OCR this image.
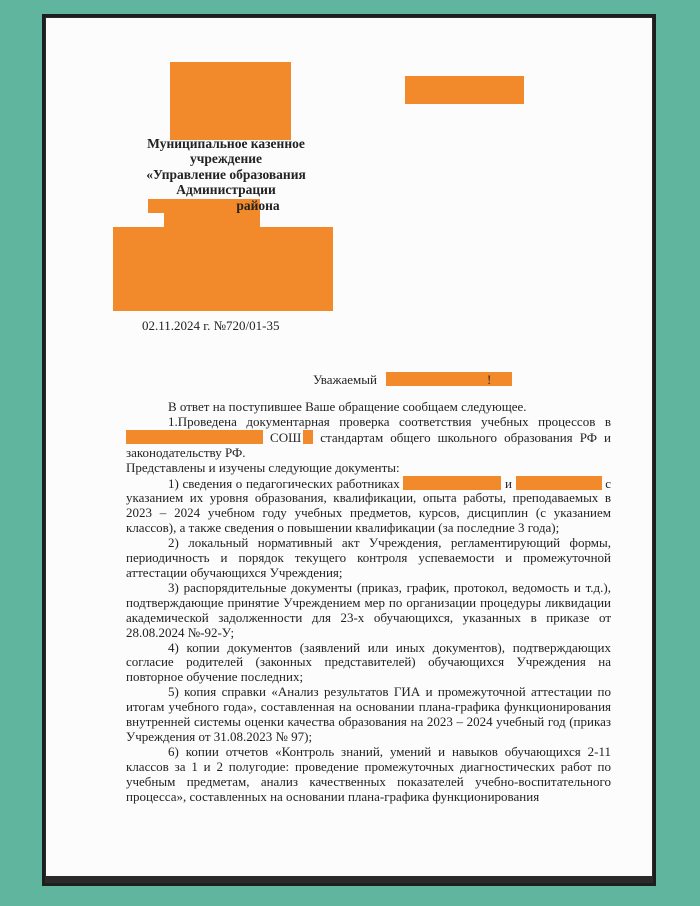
Муниципальное казенное
учреждение
«Управление образования
Администрации
района
02.11.2024 г. №720/01-35
Уважаемый	!

В ответ на поступившее Ваше обращение сообщаем следующее.

1.Проведена документарная проверка соответствия учебных процессов в  СОШ стандартам общего школьного образования РФ и законодательству РФ.

Представлены и изучены следующие документы:

1) сведения о педагогических работниках	и	с указанием их уровня образования, квалификации, опыта работы, преподаваемых в 2023 – 2024 учебном году учебных предметов, курсов, дисциплин (с указанием классов), а также сведения о повышении квалификации (за последние 3 года);

2) локальный нормативный акт Учреждения, регламентирующий формы, периодичность и порядок текущего контроля успеваемости и промежуточной аттестации обучающихся Учреждения;

3) распорядительные документы (приказ, график, протокол, ведомость и т.д.), подтверждающие принятие Учреждением мер по организации процедуры ликвидации академической задолженности для 23-х обучающихся, указанных в приказе от 28.08.2024 №-92-У;

4) копии документов (заявлений или иных документов), подтверждающих согласие родителей (законных представителей) обучающихся Учреждения на повторное обучение последних;

5) копия справки «Анализ результатов ГИА и промежуточной аттестации по итогам учебного года», составленная на основании плана-графика функционирования внутренней системы оценки качества образования на 2023 – 2024 учебный год (приказ Учреждения от 31.08.2023 № 97);

6) копии отчетов «Контроль знаний, умений и навыков обучающихся 2-11 классов за 1 и 2 полугодие: проведение промежуточных диагностических работ по учебным предметам, анализ качественных показателей учебно-воспитательного процесса», составленных на основании плана-графика функционирования
